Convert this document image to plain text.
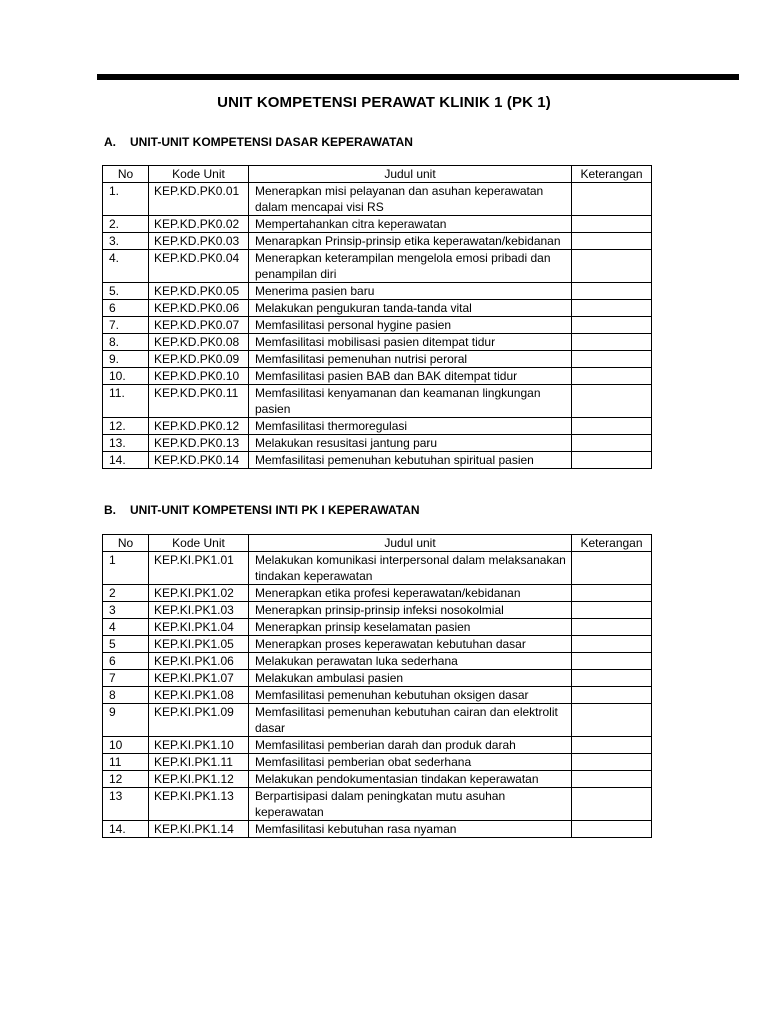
UNIT KOMPETENSI PERAWAT KLINIK 1 (PK 1)
A. UNIT-UNIT KOMPETENSI DASAR KEPERAWATAN
No	Kode Unit	Judul unit	Keterangan
1.	KEP.KD.PK0.01	Menerapkan misi pelayanan dan asuhan keperawatan dalam mencapai visi RS	
2.	KEP.KD.PK0.02	Mempertahankan citra keperawatan	
3.	KEP.KD.PK0.03	Menarapkan Prinsip-prinsip etika keperawatan/kebidanan	
4.	KEP.KD.PK0.04	Menerapkan keterampilan mengelola emosi pribadi dan penampilan diri	
5.	KEP.KD.PK0.05	Menerima pasien baru	
6	KEP.KD.PK0.06	Melakukan pengukuran tanda-tanda vital	
7.	KEP.KD.PK0.07	Memfasilitasi personal hygine pasien	
8.	KEP.KD.PK0.08	Memfasilitasi mobilisasi pasien ditempat tidur	
9.	KEP.KD.PK0.09	Memfasilitasi pemenuhan nutrisi peroral	
10.	KEP.KD.PK0.10	Memfasilitasi pasien BAB dan BAK ditempat tidur	
11.	KEP.KD.PK0.11	Memfasilitasi kenyamanan dan keamanan lingkungan pasien	
12.	KEP.KD.PK0.12	Memfasilitasi thermoregulasi	
13.	KEP.KD.PK0.13	Melakukan resusitasi jantung paru	
14.	KEP.KD.PK0.14	Memfasilitasi pemenuhan kebutuhan spiritual pasien	
B. UNIT-UNIT KOMPETENSI INTI PK I KEPERAWATAN
No	Kode Unit	Judul unit	Keterangan
1	KEP.KI.PK1.01	Melakukan komunikasi interpersonal dalam melaksanakan tindakan keperawatan	
2	KEP.KI.PK1.02	Menerapkan etika profesi keperawatan/kebidanan	
3	KEP.KI.PK1.03	Menerapkan prinsip-prinsip infeksi nosokolmial	
4	KEP.KI.PK1.04	Menerapkan prinsip keselamatan pasien	
5	KEP.KI.PK1.05	Menerapkan proses keperawatan kebutuhan dasar	
6	KEP.KI.PK1.06	Melakukan perawatan luka sederhana	
7	KEP.KI.PK1.07	Melakukan ambulasi pasien	
8	KEP.KI.PK1.08	Memfasilitasi pemenuhan kebutuhan oksigen dasar	
9	KEP.KI.PK1.09	Memfasilitasi pemenuhan kebutuhan cairan dan elektrolit dasar	
10	KEP.KI.PK1.10	Memfasilitasi pemberian darah dan produk darah	
11	KEP.KI.PK1.11	Memfasilitasi pemberian obat sederhana	
12	KEP.KI.PK1.12	Melakukan pendokumentasian tindakan keperawatan	
13	KEP.KI.PK1.13	Berpartisipasi dalam peningkatan mutu asuhan keperawatan	
14.	KEP.KI.PK1.14	Memfasilitasi kebutuhan rasa nyaman	
